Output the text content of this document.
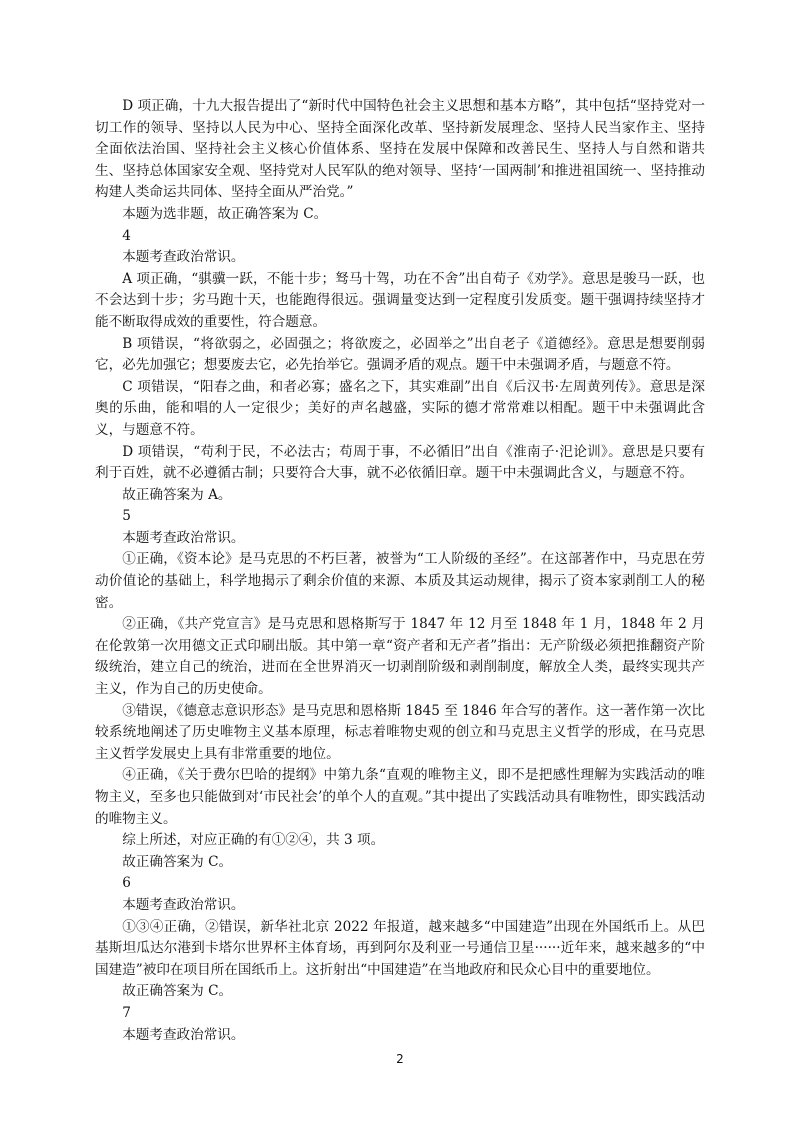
D 项正确，十九大报告提出了“新时代中国特色社会主义思想和基本方略”，其中包括“坚持党对一切工作的领导、坚持以人民为中心、坚持全面深化改革、坚持新发展理念、坚持人民当家作主、坚持全面依法治国、坚持社会主义核心价值体系、坚持在发展中保障和改善民生、坚持人与自然和谐共生、坚持总体国家安全观、坚持党对人民军队的绝对领导、坚持‘一国两制’和推进祖国统一、坚持推动构建人类命运共同体、坚持全面从严治党。”

本题为选非题，故正确答案为 C。

4

本题考查政治常识。

A 项正确，“骐骥一跃，不能十步；驽马十驾，功在不舍”出自荀子《劝学》。意思是骏马一跃，也不会达到十步；劣马跑十天，也能跑得很远。强调量变达到一定程度引发质变。题干强调持续坚持才能不断取得成效的重要性，符合题意。

B 项错误，“将欲弱之，必固强之；将欲废之，必固举之”出自老子《道德经》。意思是想要削弱它，必先加强它；想要废去它，必先抬举它。强调矛盾的观点。题干中未强调矛盾，与题意不符。

C 项错误，“阳春之曲，和者必寡；盛名之下，其实难副”出自《后汉书·左周黄列传》。意思是深奥的乐曲，能和唱的人一定很少；美好的声名越盛，实际的德才常常难以相配。题干中未强调此含义，与题意不符。

D 项错误，“苟利于民，不必法古；苟周于事，不必循旧”出自《淮南子·汜论训》。意思是只要有利于百姓，就不必遵循古制；只要符合大事，就不必依循旧章。题干中未强调此含义，与题意不符。

故正确答案为 A。

5

本题考查政治常识。

①正确，《资本论》是马克思的不朽巨著，被誉为“工人阶级的圣经”。在这部著作中，马克思在劳动价值论的基础上，科学地揭示了剩余价值的来源、本质及其运动规律，揭示了资本家剥削工人的秘密。

②正确，《共产党宣言》是马克思和恩格斯写于 1847 年 12 月至 1848 年 1 月，1848 年 2 月在伦敦第一次用德文正式印刷出版。其中第一章“资产者和无产者”指出：无产阶级必须把推翻资产阶级统治，建立自己的统治，进而在全世界消灭一切剥削阶级和剥削制度，解放全人类，最终实现共产主义，作为自己的历史使命。

③错误，《德意志意识形态》是马克思和恩格斯 1845 至 1846 年合写的著作。这一著作第一次比较系统地阐述了历史唯物主义基本原理，标志着唯物史观的创立和马克思主义哲学的形成，在马克思主义哲学发展史上具有非常重要的地位。

④正确，《关于费尔巴哈的提纲》中第九条“直观的唯物主义，即不是把感性理解为实践活动的唯物主义，至多也只能做到对‘市民社会’的单个人的直观。”其中提出了实践活动具有唯物性，即实践活动的唯物主义。

综上所述，对应正确的有①②④，共 3 项。

故正确答案为 C。

6

本题考查政治常识。

①③④正确，②错误，新华社北京 2022 年报道，越来越多“中国建造”出现在外国纸币上。从巴基斯坦瓜达尔港到卡塔尔世界杯主体育场，再到阿尔及利亚一号通信卫星······近年来，越来越多的“中国建造”被印在项目所在国纸币上。这折射出“中国建造”在当地政府和民众心目中的重要地位。

故正确答案为 C。

7

本题考查政治常识。

2
